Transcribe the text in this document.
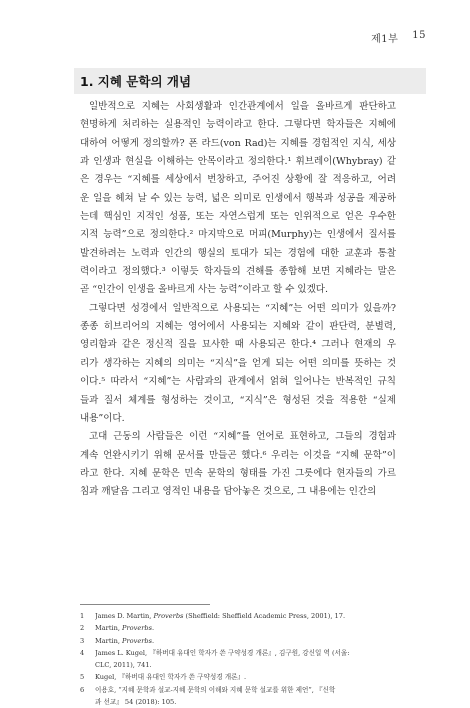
제1부 15
1. 지혜 문학의 개념
일반적으로 지혜는 사회생활과 인간관계에서 일을 올바르게 판단하고
현명하게 처리하는 실용적인 능력이라고 한다. 그렇다면 학자들은 지혜에
대하여 어떻게 정의할까? 폰 라드(von Rad)는 지혜를 경험적인 지식, 세상
과 인생과 현실을 이해하는 안목이라고 정의한다.¹ 휘브레이(Whybray) 같
은 경우는 “지혜를 세상에서 번창하고, 주어진 상황에 잘 적응하고, 어려
운 일을 헤쳐 날 수 있는 능력, 넓은 의미로 인생에서 행복과 성공을 제공하
는데 핵심인 지적인 성품, 또는 자연스럽게 또는 인위적으로 얻은 우수한
지적 능력”으로 정의한다.² 마지막으로 머피(Murphy)는 인생에서 질서를
발견하려는 노력과 인간의 행실의 토대가 되는 경험에 대한 교훈과 통찰
력이라고 정의했다.³ 이렇듯 학자들의 견해를 종합해 보면 지혜라는 말은
곧 “인간이 인생을 올바르게 사는 능력”이라고 할 수 있겠다.
그렇다면 성경에서 일반적으로 사용되는 “지혜”는 어떤 의미가 있을까?
종종 히브리어의 지혜는 영어에서 사용되는 지혜와 같이 판단력, 분별력,
영리함과 같은 정신적 질을 묘사한 때 사용되곤 한다.⁴ 그러나 현재의 우
리가 생각하는 지혜의 의미는 “지식”을 얻게 되는 어떤 의미를 뜻하는 것
이다.⁵ 따라서 “지혜”는 사람과의 관계에서 얽혀 일어나는 반복적인 규칙
들과 질서 체계를 형성하는 것이고, “지식”은 형성된 것을 적용한 “실제
내용”이다.
고대 근동의 사람들은 이런 “지혜”를 언어로 표현하고, 그들의 경험과
계속 언완시키기 위해 문서를 만들곤 했다.⁶ 우리는 이것을 “지혜 문학”이
라고 한다. 지혜 문학은 민속 문학의 형태를 가진 그릇에다 현자들의 가르
침과 깨달음 그리고 영적인 내용을 담아놓은 것으로, 그 내용에는 인간의
1	James D. Martin, Proverbs (Sheffield: Sheffield Academic Press, 2001), 17.
2	Martin, Proverbs.
3	Martin, Proverbs.
4	James L. Kugel, 『하버대 유대인 학자가 쓴 구약성경 개론』, 김구원, 강신일 역 (서울:
CLC, 2011), 741.
5	Kugel, 『하버대 유대인 학자가 쓴 구약성경 개론』.
6	이용호, “지혜 문학과 설교-지혜 문학의 이해와 지혜 문학 설교를 위한 제언”, 『신학
과 선교』 54 (2018): 105.
